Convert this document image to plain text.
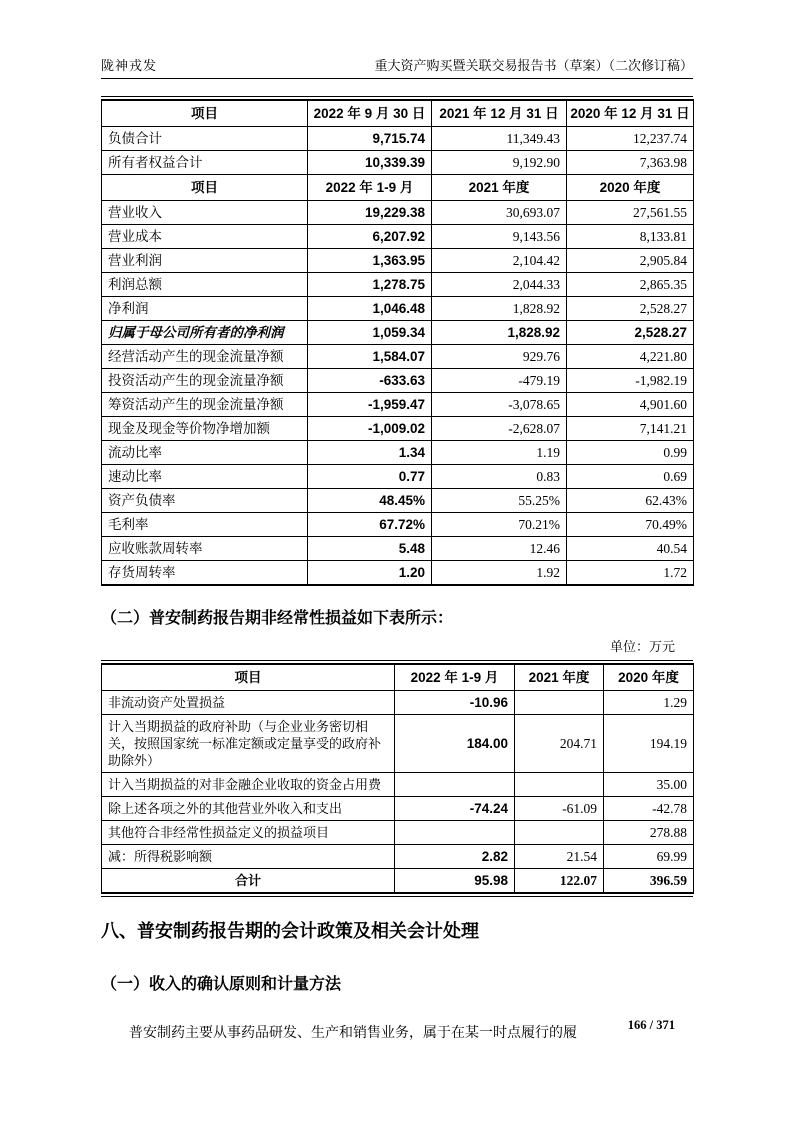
陇神戎发	重大资产购买暨关联交易报告书（草案）（二次修订稿）
项目	2022 年 9 月 30 日	2021 年 12 月 31 日	2020 年 12 月 31 日
负债合计	9,715.74	11,349.43	12,237.74
所有者权益合计	10,339.39	9,192.90	7,363.98
项目	2022 年 1-9 月	2021 年度	2020 年度
营业收入	19,229.38	30,693.07	27,561.55
营业成本	6,207.92	9,143.56	8,133.81
营业利润	1,363.95	2,104.42	2,905.84
利润总额	1,278.75	2,044.33	2,865.35
净利润	1,046.48	1,828.92	2,528.27
归属于母公司所有者的净利润	1,059.34	1,828.92	2,528.27
经营活动产生的现金流量净额	1,584.07	929.76	4,221.80
投资活动产生的现金流量净额	-633.63	-479.19	-1,982.19
筹资活动产生的现金流量净额	-1,959.47	-3,078.65	4,901.60
现金及现金等价物净增加额	-1,009.02	-2,628.07	7,141.21
流动比率	1.34	1.19	0.99
速动比率	0.77	0.83	0.69
资产负债率	48.45%	55.25%	62.43%
毛利率	67.72%	70.21%	70.49%
应收账款周转率	5.48	12.46	40.54
存货周转率	1.20	1.92	1.72
（二）普安制药报告期非经常性损益如下表所示：
单位：万元
项目	2022 年 1-9 月	2021 年度	2020 年度
非流动资产处置损益	-10.96		1.29
计入当期损益的政府补助（与企业业务密切相关，按照国家统一标准定额或定量享受的政府补助除外）	184.00	204.71	194.19
计入当期损益的对非金融企业收取的资金占用费			35.00
除上述各项之外的其他营业外收入和支出	-74.24	-61.09	-42.78
其他符合非经常性损益定义的损益项目			278.88
减：所得税影响额	2.82	21.54	69.99
合计	95.98	122.07	396.59
八、普安制药报告期的会计政策及相关会计处理
（一）收入的确认原则和计量方法
普安制药主要从事药品研发、生产和销售业务，属于在某一时点履行的履
166 / 371
